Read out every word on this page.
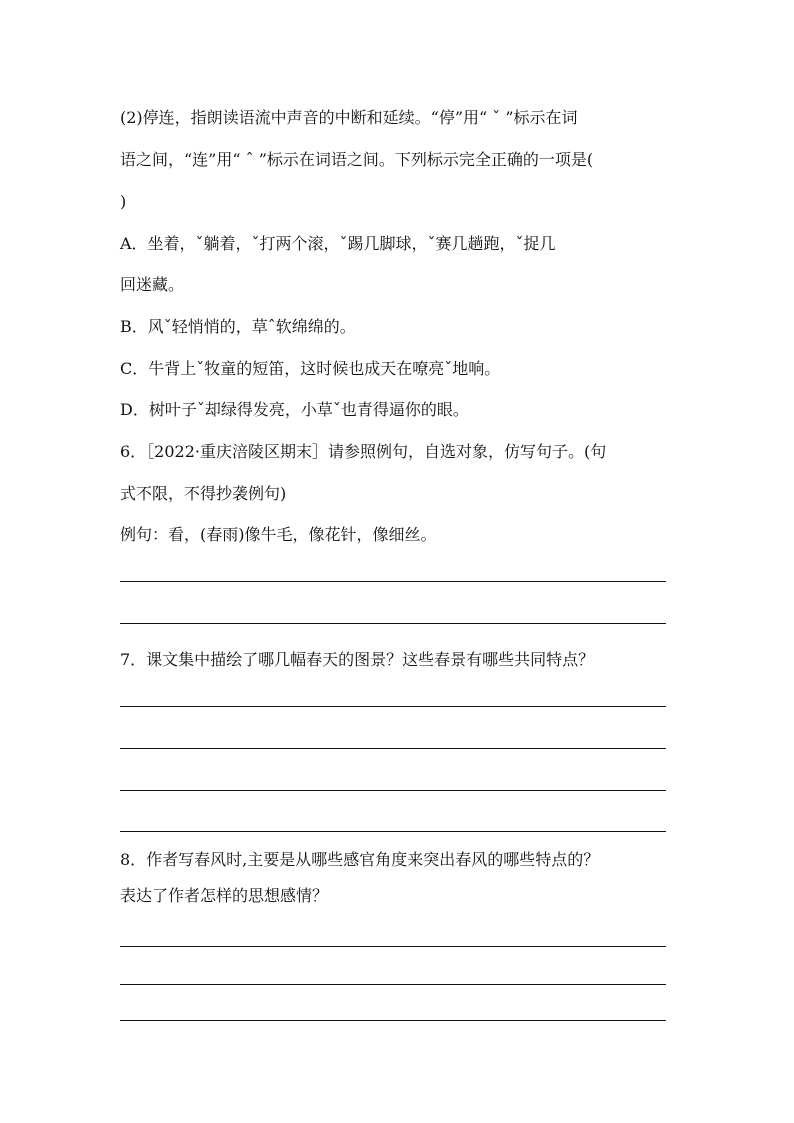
(2)停连，指朗读语流中声音的中断和延续。“停”用“ ˇ ”标示在词
语之间，“连”用“ ˆ ”标示在词语之间。下列标示完全正确的一项是(
)
A．坐着，ˇ躺着，ˇ打两个滚，ˇ踢几脚球，ˇ赛几趟跑，ˇ捉几
回迷藏。
B．风ˇ轻悄悄的，草ˆ软绵绵的。
C．牛背上ˇ牧童的短笛，这时候也成天在嘹亮ˇ地响。
D．树叶子ˇ却绿得发亮，小草ˇ也青得逼你的眼。
6．［2022·重庆涪陵区期末］请参照例句，自选对象，仿写句子。(句
式不限，不得抄袭例句)
例句：看，(春雨)像牛毛，像花针，像细丝。
7．课文集中描绘了哪几幅春天的图景？这些春景有哪些共同特点？
8．作者写春风时,主要是从哪些感官角度来突出春风的哪些特点的？
表达了作者怎样的思想感情？
